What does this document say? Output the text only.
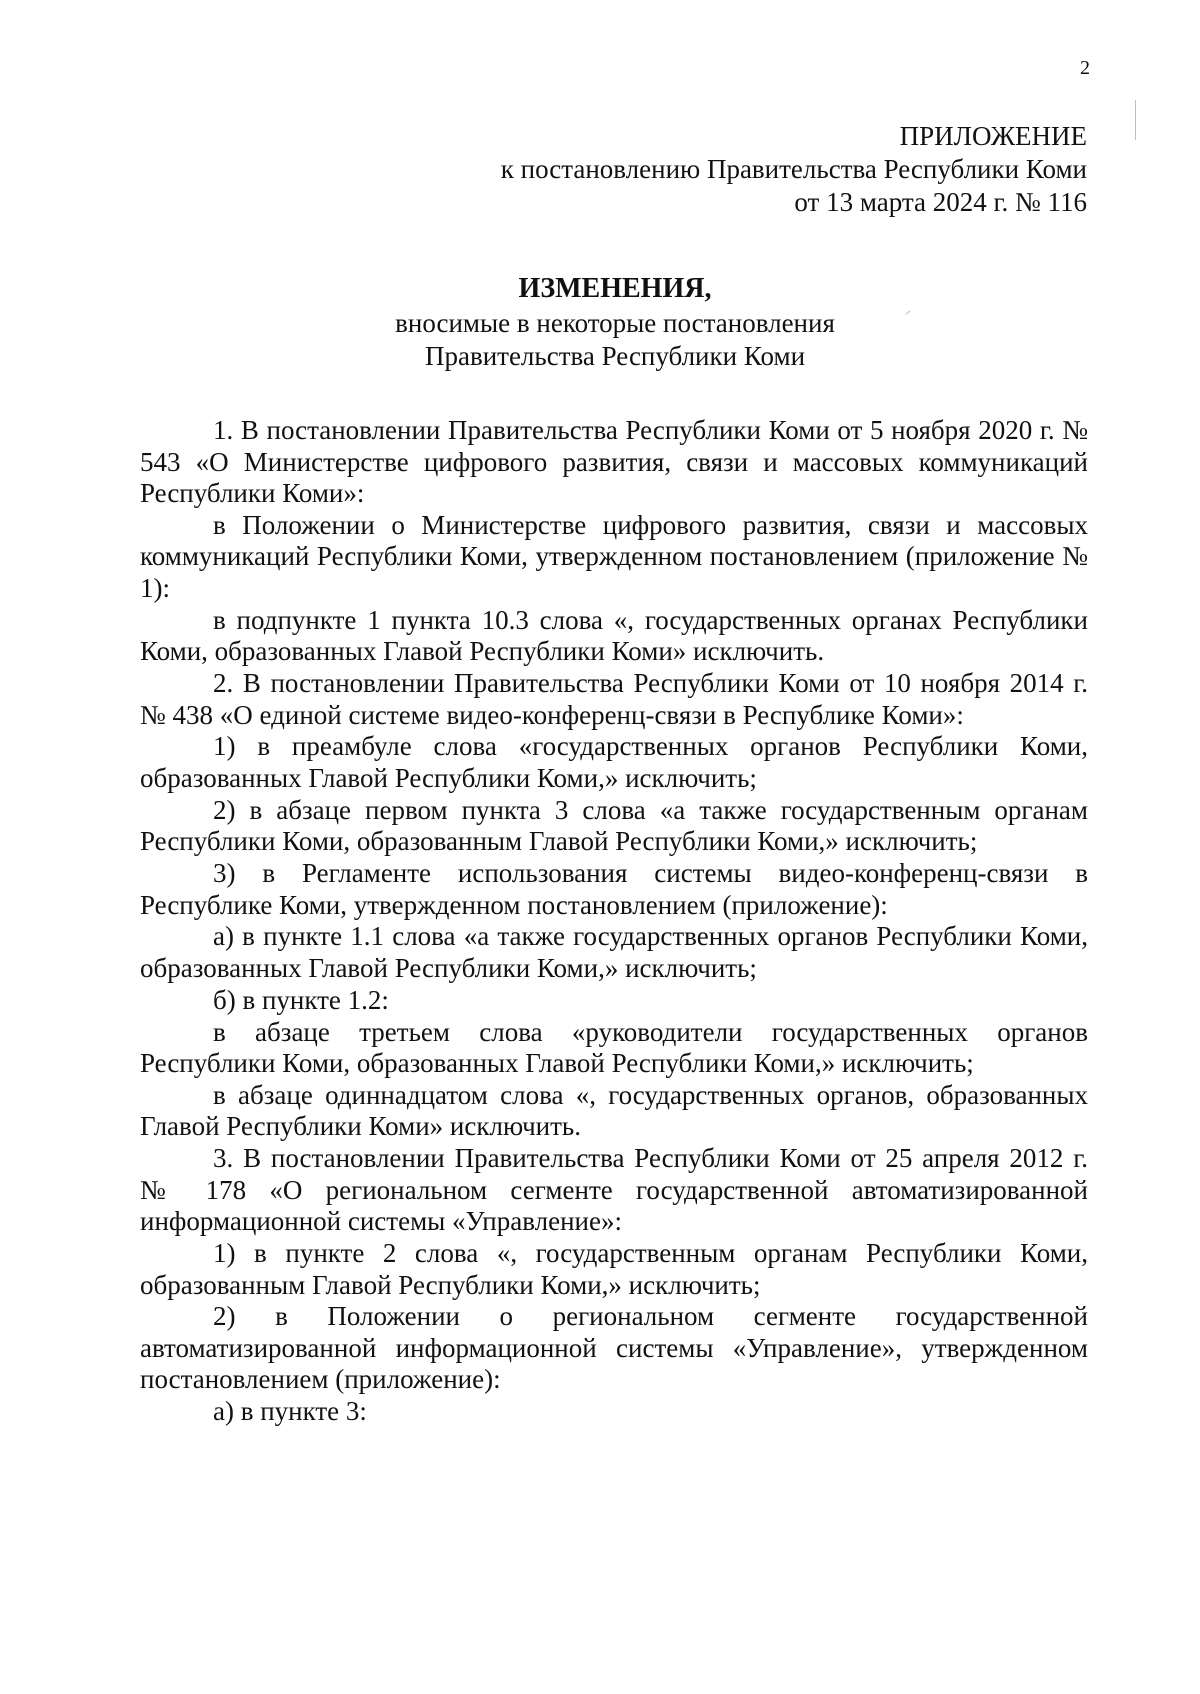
2
ПРИЛОЖЕНИЕ
к постановлению Правительства Республики Коми
от 13 марта 2024 г. № 116
ИЗМЕНЕНИЯ,
вносимые в некоторые постановления
Правительства Республики Коми

1. В постановлении Правительства Республики Коми от 5 ноября 2020 г. № 543 «О Министерстве цифрового развития, связи и массовых коммуникаций Республики Коми»:

в Положении о Министерстве цифрового развития, связи и массовых коммуникаций Республики Коми, утвержденном постановлением (приложение № 1):

в подпункте 1 пункта 10.3 слова «, государственных органах Республики Коми, образованных Главой Республики Коми» исключить.

2. В постановлении Правительства Республики Коми от 10 ноября 2014 г. № 438 «О единой системе видео-конференц-связи в Республике Коми»:

1) в преамбуле слова «государственных органов Республики Коми, образованных Главой Республики Коми,» исключить;

2) в абзаце первом пункта 3 слова «а также государственным органам Республики Коми, образованным Главой Республики Коми,» исключить;

3) в Регламенте использования системы видео-конференц-связи в Республике Коми, утвержденном постановлением (приложение):

а) в пункте 1.1 слова «а также государственных органов Республики Коми, образованных Главой Республики Коми,» исключить;

б) в пункте 1.2:

в абзаце третьем слова «руководители государственных органов Республики Коми, образованных Главой Республики Коми,» исключить;

в абзаце одиннадцатом слова «, государственных органов, образованных Главой Республики Коми» исключить.

3. В постановлении Правительства Республики Коми от 25 апреля 2012 г. № 178 «О региональном сегменте государственной автоматизированной информационной системы «Управление»:

1) в пункте 2 слова «, государственным органам Республики Коми, образованным Главой Республики Коми,» исключить;

2) в Положении о региональном сегменте государственной автоматизированной информационной системы «Управление», утвержденном постановлением (приложение):

а) в пункте 3:
